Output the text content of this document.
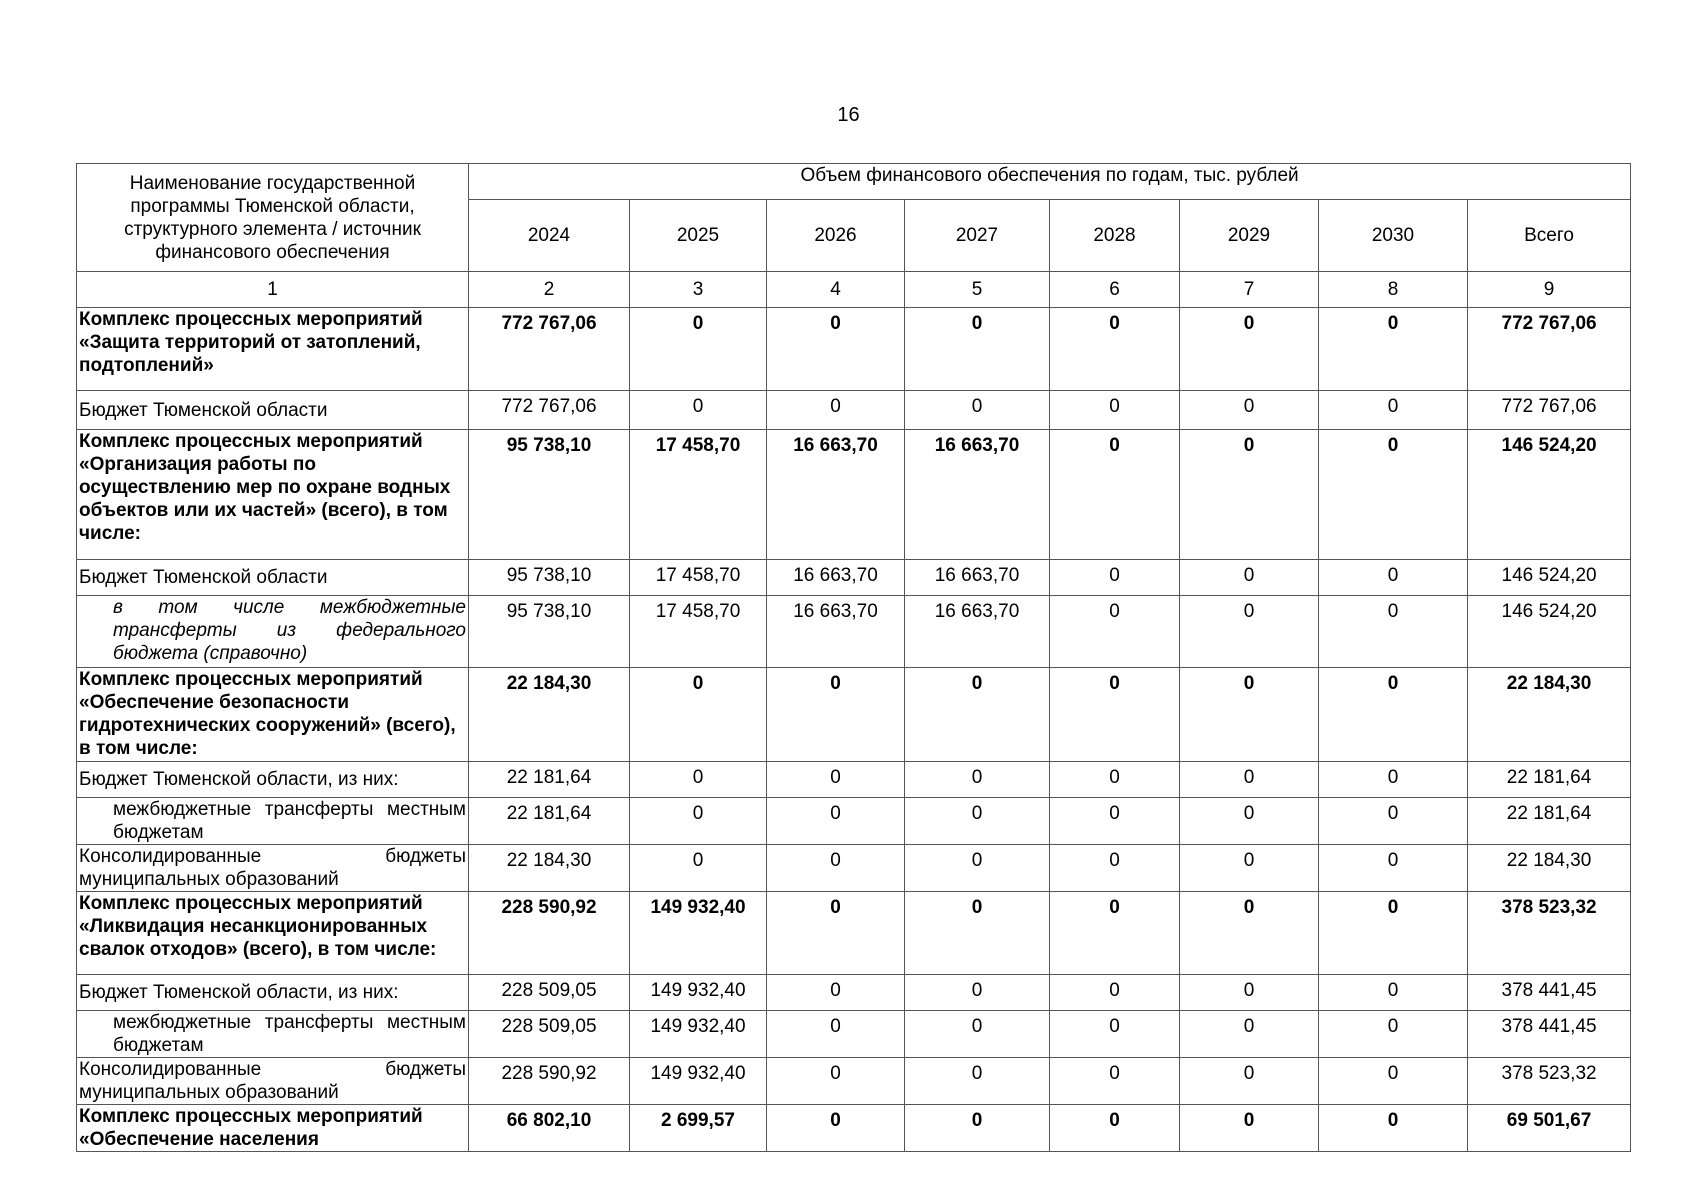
16
Наименование государственной программы Тюменской области, структурного элемента / источник финансового обеспечения	Объем финансового обеспечения по годам, тыс. рублей							
	2024	2025	2026	2027	2028	2029	2030	Всего
1	2	3	4	5	6	7	8	9
Комплекс процессных мероприятий «Защита территорий от затоплений, подтоплений»	772 767,06	0	0	0	0	0	0	772 767,06
Бюджет Тюменской области	772 767,06	0	0	0	0	0	0	772 767,06
Комплекс процессных мероприятий «Организация работы по осуществлению мер по охране водных объектов или их частей» (всего), в том числе:	95 738,10	17 458,70	16 663,70	16 663,70	0	0	0	146 524,20
Бюджет Тюменской области	95 738,10	17 458,70	16 663,70	16 663,70	0	0	0	146 524,20
в том числе межбюджетные трансферты из федерального бюджета (справочно)	95 738,10	17 458,70	16 663,70	16 663,70	0	0	0	146 524,20
Комплекс процессных мероприятий «Обеспечение безопасности гидротехнических сооружений» (всего), в том числе:	22 184,30	0	0	0	0	0	0	22 184,30
Бюджет Тюменской области, из них:	22 181,64	0	0	0	0	0	0	22 181,64
межбюджетные трансферты местным бюджетам	22 181,64	0	0	0	0	0	0	22 181,64
Консолидированные бюджеты муниципальных образований	22 184,30	0	0	0	0	0	0	22 184,30
Комплекс процессных мероприятий «Ликвидация несанкционированных свалок отходов» (всего), в том числе:	228 590,92	149 932,40	0	0	0	0	0	378 523,32
Бюджет Тюменской области, из них:	228 509,05	149 932,40	0	0	0	0	0	378 441,45
межбюджетные трансферты местным бюджетам	228 509,05	149 932,40	0	0	0	0	0	378 441,45
Консолидированные бюджеты муниципальных образований	228 590,92	149 932,40	0	0	0	0	0	378 523,32
Комплекс процессных мероприятий «Обеспечение населения	66 802,10	2 699,57	0	0	0	0	0	69 501,67
